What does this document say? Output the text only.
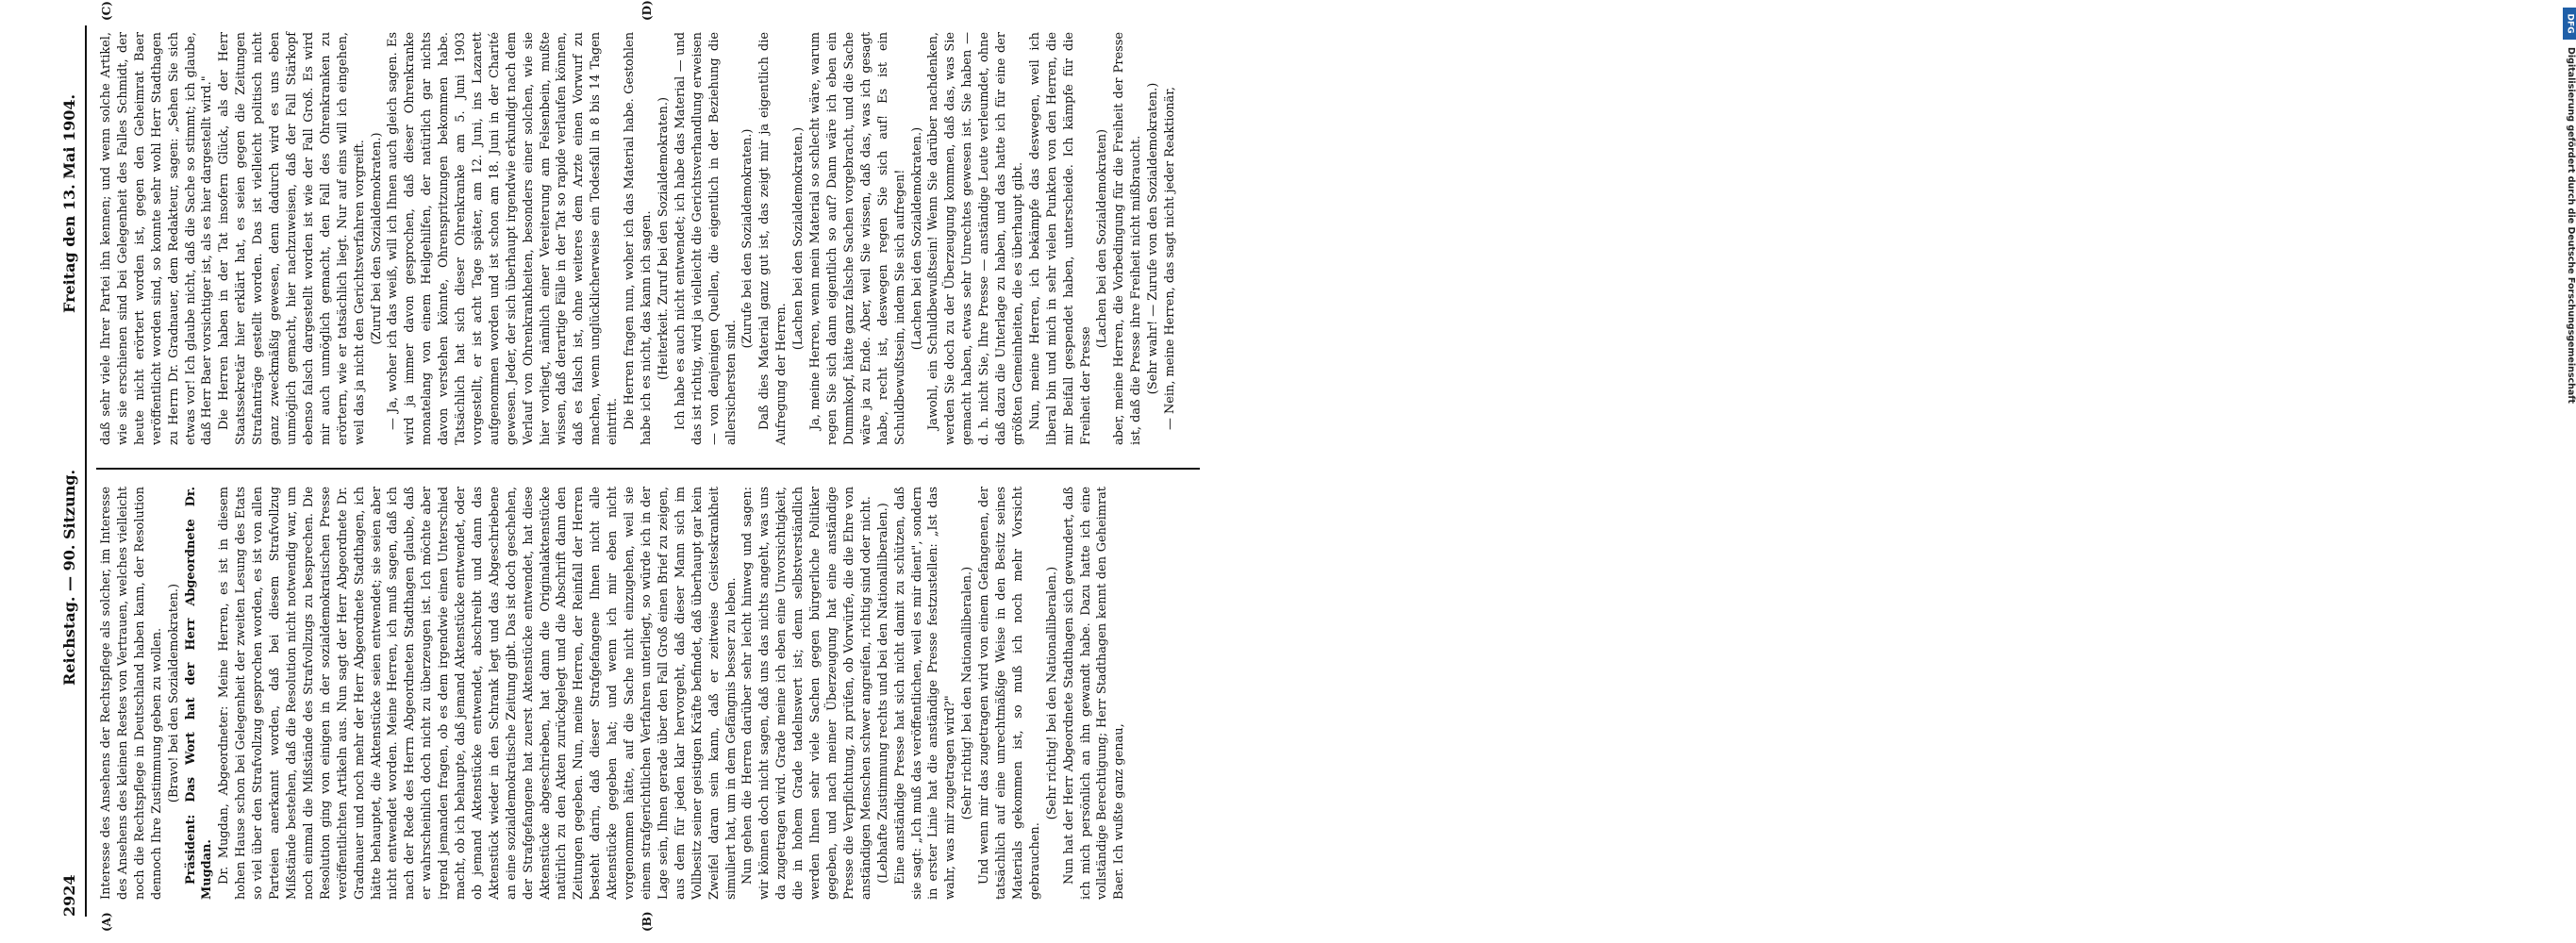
DFG
Digitalisierung gefördert durch die Deutsche Forschungsgemeinschaft
2924
Reichstag. — 90. Sitzung.
Freitag den 13. Mai 1904.
(A)	(B)
(C)	(D)

Interesse des Ansehens der Rechtspflege als solcher, im Interesse des Ansehens des kleinen Restes von Vertrauen, welches vielleicht noch die Rechtspflege in Deutschland haben kann, der Resolution dennoch Ihre Zustimmung geben zu wollen. (Bravo! bei den Sozialdemokraten.) Präsident: Das Wort hat der Herr Abgeordnete Dr. Mugdan. Dr. Mugdan, Abgeordneter: Meine Herren, es ist in diesem hohen Hause schon bei Gelegenheit der zweiten Lesung des Etats so viel über den Strafvollzug gesprochen worden, es ist von allen Parteien anerkannt worden, daß bei diesem Strafvollzug Mißstände bestehen, daß die Resolution nicht notwendig war, um noch einmal die Mißstände des Strafvollzugs zu besprechen. Die Resolution ging von einigen in der sozialdemokratischen Presse veröffentlichten Artikeln aus. Nun sagt der Herr Abgeordnete Dr. Gradnauer und noch mehr der Herr Abgeordnete Stadthagen, ich hätte behauptet, die Aktenstücke seien entwendet; sie seien aber nicht entwendet worden. Meine Herren, ich muß sagen, daß ich nach der Rede des Herrn Abgeordneten Stadthagen glaube, daß er wahrscheinlich doch nicht zu überzeugen ist. Ich möchte aber irgend jemanden fragen, ob es dem irgendwie einen Unterschied macht, ob ich behaupte, daß jemand Aktenstücke entwendet, oder ob jemand Aktenstücke entwendet, abschreibt und dann das Aktenstück wieder in den Schrank legt und das Abgeschriebene an eine sozialdemokratische Zeitung gibt. Das ist doch geschehen, der Strafgefangene hat zuerst Aktenstücke entwendet, hat diese Aktenstücke abgeschrieben, hat dann die Originalaktenstücke natürlich zu den Akten zurückgelegt und die Abschrift dann den Zeitungen gegeben. Nun, meine Herren, der Reinfall der Herren besteht darin, daß dieser Strafgefangene Ihnen nicht alle Aktenstücke gegeben hat; und wenn ich mir eben nicht vorgenommen hätte, auf die Sache nicht einzugehen, weil sie einem strafgerichtlichen Verfahren unterliegt, so würde ich in der Lage sein, Ihnen gerade über den Fall Groß einen Brief zu zeigen, aus dem für jeden klar hervorgeht, daß dieser Mann sich im Vollbesitz seiner geistigen Kräfte befindet, daß überhaupt gar kein Zweifel daran sein kann, daß er zeitweise Geisteskrankheit simuliert hat, um in dem Gefängnis besser zu leben. Nun gehen die Herren darüber sehr leicht hinweg und sagen: wir können doch nicht sagen, daß uns das nichts angeht, was uns da zugetragen wird. Grade meine ich eben eine Unvorsichtigkeit, die in hohem Grade tadelnswert ist; denn selbstverständlich werden Ihnen sehr viele Sachen gegen bürgerliche Politiker gegeben, und nach meiner Überzeugung hat eine anständige Presse die Verpflichtung, zu prüfen, ob Vorwürfe, die die Ehre von anständigen Menschen schwer angreifen, richtig sind oder nicht. (Lebhafte Zustimmung rechts und bei den Nationalliberalen.) Eine anständige Presse hat sich nicht damit zu schützen, daß sie sagt: „Ich muß das veröffentlichen, weil es mir dient", sondern in erster Linie hat die anständige Presse festzustellen: „Ist das wahr, was mir zugetragen wird?" (Sehr richtig! bei den Nationalliberalen.) Und wenn mir das zugetragen wird von einem Gefangenen, der tatsächlich auf eine unrechtmäßige Weise in den Besitz seines Materials gekommen ist, so muß ich noch mehr Vorsicht gebrauchen.

(Sehr richtig! bei den Nationalliberalen.) Nun hat der Herr Abgeordnete Stadthagen sich gewundert, daß ich mich persönlich an ihn gewandt habe. Dazu hatte ich eine vollständige Berechtigung; Herr Stadthagen kennt den Geheimrat Baer. Ich wußte ganz genau,

daß sehr viele Ihrer Partei ihn kennen; und wenn solche Artikel, wie sie erschienen sind bei Gelegenheit des Falles Schmidt, der heute nicht erörtert worden ist, gegen den Geheimrat Baer veröffentlicht worden sind, so konnte sehr wohl Herr Stadthagen zu Herrn Dr. Gradnauer, dem Redakteur, sagen: „Sehen Sie sich etwas vor! Ich glaube nicht, daß die Sache so stimmt; ich glaube, daß Herr Baer vorsichtiger ist, als es hier dargestellt wird." Die Herren haben in der Tat insofern Glück, als der Herr Staatssekretär hier erklärt hat, es seien gegen die Zeitungen Strafanträge gestellt worden. Das ist vielleicht politisch nicht ganz zweckmäßig gewesen, denn dadurch wird es uns eben unmöglich gemacht, hier nachzuweisen, daß der Fall Stärkopf ebenso falsch dargestellt worden ist wie der Fall Groß. Es wird mir auch unmöglich gemacht, den Fall des Ohrenkranken zu erörtern, wie er tatsächlich liegt. Nur auf eins will ich eingehen, weil das ja nicht den Gerichtsverfahren vorgreift. (Zuruf bei den Sozialdemokraten.) — Ja, woher ich das weiß, will ich Ihnen auch gleich sagen. Es wird ja immer davon gesprochen, daß dieser Ohrenkranke monatelang von einem Heilgehilfen, der natürlich gar nichts davon verstehen könnte, Ohrenspritzungen bekommen habe. Tatsächlich hat sich dieser Ohrenkranke am 5. Juni 1903 vorgestellt, er ist acht Tage später, am 12. Juni, ins Lazarett aufgenommen worden und ist schon am 18. Juni in der Charité gewesen. Jeder, der sich überhaupt irgendwie erkundigt nach dem Verlauf von Ohrenkrankheiten, besonders einer solchen, wie sie hier vorliegt, nämlich einer Vereiterung am Felsenbein, mußte wissen, daß derartige Fälle in der Tat so rapide verlaufen können, daß es falsch ist, ohne weiteres dem Arzte einen Vorwurf zu machen, wenn unglücklicherweise ein Todesfall in 8 bis 14 Tagen eintritt. Die Herren fragen nun, woher ich das Material habe. Gestohlen habe ich es nicht, das kann ich sagen. (Heiterkeit. Zuruf bei den Sozialdemokraten.) Ich habe es auch nicht entwendet; ich habe das Material — und das ist richtig, wird ja vielleicht die Gerichtsverhandlung erweisen — von denjenigen Quellen, die eigentlich in der Beziehung die allersichersten sind.

(Zurufe bei den Sozialdemokraten.) Daß dies Material ganz gut ist, das zeigt mir ja eigentlich die Aufregung der Herren.

(Lachen bei den Sozialdemokraten.) Ja, meine Herren, wenn mein Material so schlecht wäre, warum regen Sie sich dann eigentlich so auf? Dann wäre ich eben ein Dummkopf, hätte ganz falsche Sachen vorgebracht, und die Sache wäre ja zu Ende. Aber, weil Sie wissen, daß das, was ich gesagt habe, recht ist, deswegen regen Sie sich auf! Es ist ein Schuldbewußtsein, indem Sie sich aufregen! (Lachen bei den Sozialdemokraten.) Jawohl, ein Schuldbewußtsein! Wenn Sie darüber nachdenken, werden Sie doch zu der Überzeugung kommen, daß das, was Sie gemacht haben, etwas sehr Unrechtes gewesen ist. Sie haben — d. h. nicht Sie, Ihre Presse — anständige Leute verleumdet, ohne daß dazu die Unterlage zu haben, und das hatte ich für eine der größten Gemeinheiten, die es überhaupt gibt. Nun, meine Herren, ich bekämpfe das deswegen, weil ich liberal bin und mich in sehr vielen Punkten von den Herren, die mir Beifall gespendet haben, unterscheide. Ich kämpfe für die Freiheit der Presse

(Lachen bei den Sozialdemokraten) aber, meine Herren, die Vorbedingung für die Freiheit der Presse ist, daß die Presse ihre Freiheit nicht mißbraucht. (Sehr wahr! — Zurufe von den Sozialdemokraten.) — Nein, meine Herren, das sagt nicht jeder Reaktionär,
